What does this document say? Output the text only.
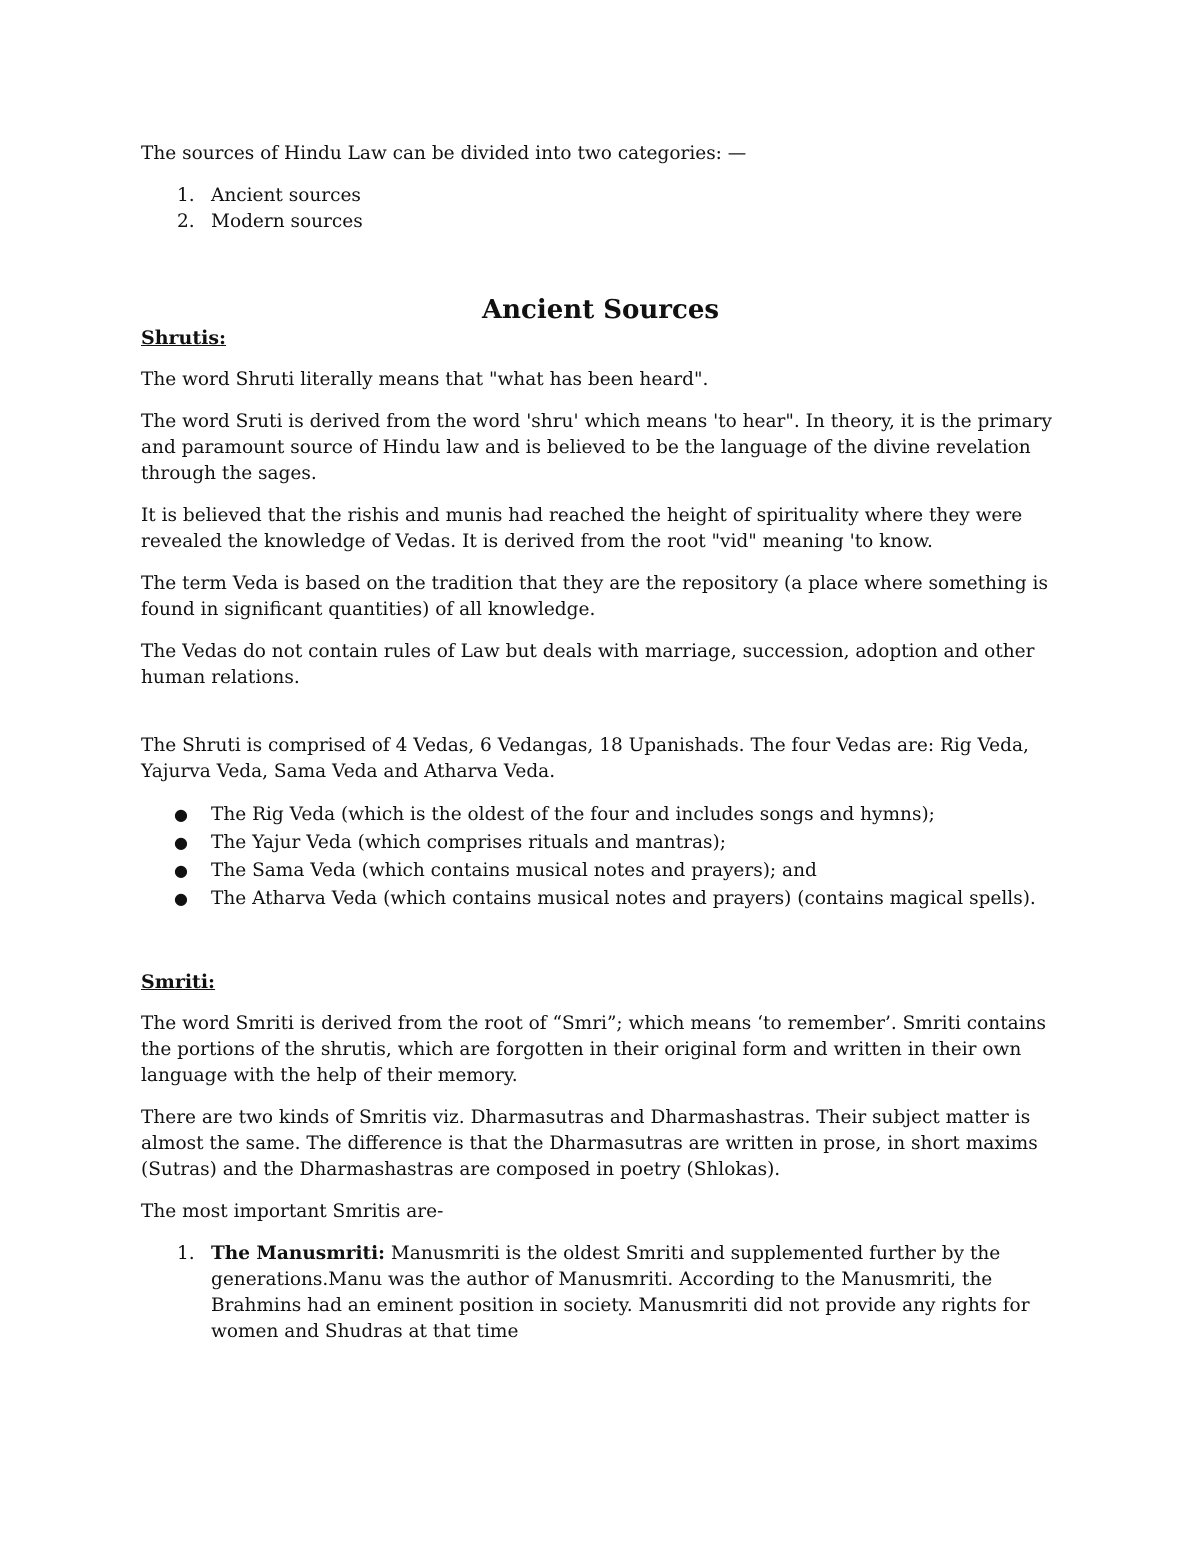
The sources of Hindu Law can be divided into two categories: —

1. Ancient sources
2. Modern sources
Ancient Sources
Shrutis:

The word Shruti literally means that "what has been heard".

The word Sruti is derived from the word 'shru' which means 'to hear". In theory, it is the primary and paramount source of Hindu law and is believed to be the language of the divine revelation through the sages.

It is believed that the rishis and munis had reached the height of spirituality where they were revealed the knowledge of Vedas. It is derived from the root "vid" meaning 'to know.

The term Veda is based on the tradition that they are the repository (a place where something is found in significant quantities) of all knowledge.

The Vedas do not contain rules of Law but deals with marriage, succession, adoption and other human relations.

The Shruti is comprised of 4 Vedas, 6 Vedangas, 18 Upanishads. The four Vedas are: Rig Veda, Yajurva Veda, Sama Veda and Atharva Veda.

● The Rig Veda (which is the oldest of the four and includes songs and hymns);
● The Yajur Veda (which comprises rituals and mantras);
● The Sama Veda (which contains musical notes and prayers); and
● The Atharva Veda (which contains musical notes and prayers) (contains magical spells).
Smriti:

The word Smriti is derived from the root of “Smri”; which means ‘to remember’. Smriti contains the portions of the shrutis, which are forgotten in their original form and written in their own language with the help of their memory.

There are two kinds of Smritis viz. Dharmasutras and Dharmashastras. Their subject matter is almost the same. The difference is that the Dharmasutras are written in prose, in short maxims (Sutras) and the Dharmashastras are composed in poetry (Shlokas).

The most important Smritis are-

1. The Manusmriti: Manusmriti is the oldest Smriti and supplemented further by the generations.Manu was the author of Manusmriti. According to the Manusmriti, the Brahmins had an eminent position in society. Manusmriti did not provide any rights for women and Shudras at that time
